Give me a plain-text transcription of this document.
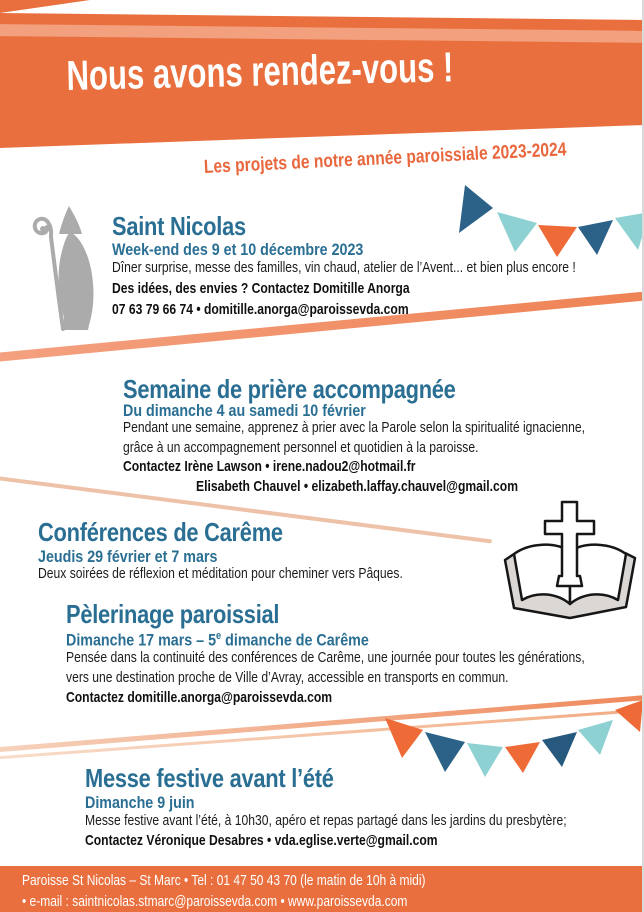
Nous avons rendez-vous !
Les projets de notre année paroissiale 2023-2024
Saint Nicolas
Week-end des 9 et 10 décembre 2023
Dîner surprise, messe des familles, vin chaud, atelier de l’Avent... et bien plus encore !
Des idées, des envies ? Contactez Domitille Anorga
07 63 79 66 74 • domitille.anorga@paroissevda.com
Semaine de prière accompagnée
Du dimanche 4 au samedi 10 février
Pendant une semaine, apprenez à prier avec la Parole selon la spiritualité ignacienne,
grâce à un accompagnement personnel et quotidien à la paroisse.
Contactez Irène Lawson • irene.nadou2@hotmail.fr
Elisabeth Chauvel • elizabeth.laffay.chauvel@gmail.com
Conférences de Carême
Jeudis 29 février et 7 mars
Deux soirées de réflexion et méditation pour cheminer vers Pâques.
Pèlerinage paroissial
Dimanche 17 mars – 5e dimanche de Carême
Pensée dans la continuité des conférences de Carême, une journée pour toutes les générations,
vers une destination proche de Ville d’Avray, accessible en transports en commun.
Contactez domitille.anorga@paroissevda.com
Messe festive avant l’été
Dimanche 9 juin
Messe festive avant l’été, à 10h30, apéro et repas partagé dans les jardins du presbytère;
Contactez Véronique Desabres • vda.eglise.verte@gmail.com
Paroisse St Nicolas – St Marc • Tel : 01 47 50 43 70 (le matin de 10h à midi)
• e-mail : saintnicolas.stmarc@paroissevda.com • www.paroissevda.com
